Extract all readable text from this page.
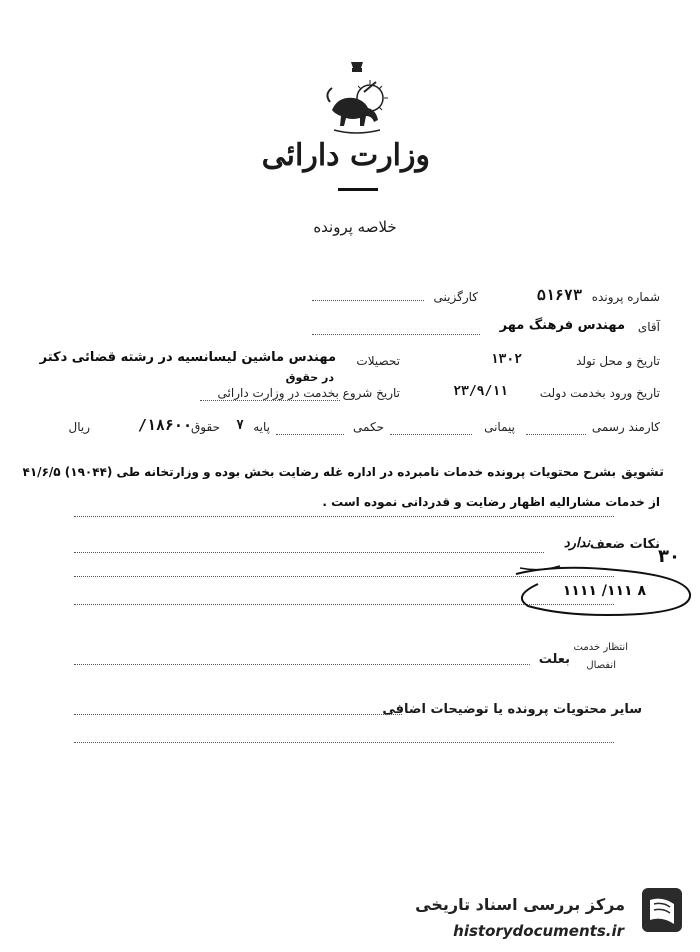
وزارت دارائی
خلاصه پرونده
شماره پرونده
۵۱۶۷۳
کارگزینی
آقای
مهندس فرهنگ مهر
تاریخ و محل تولد
۱۳۰۲
تحصیلات
مهندس ماشین لیسانسیه در رشته قضائی دکتر
در حقوق
تاریخ ورود بخدمت دولت
۲۳/۹/۱۱
تاریخ شروع بخدمت در وزارت دارائی
کارمند رسمی
پیمانی
حکمی
پایه
۷
حقوق
۱۸۶۰۰/
ریال
تشویق
بشرح محتویات پرونده خدمات نامبرده در اداره غله رضایت بخش بوده و وزارتخانه طی (۱۹۰۴۴) ۴۱/۶/۵
از خدمات مشارالیه اظهار رضایت و قدردانی نموده است .
نکات ضعف
ندارد
۳۰
۸ ۱۱۱/ ۱۱۱۱
انتظار خدمت
انفصال
بعلت
سایر محتویات پرونده یا توضیحات اضافی
مرکز بررسی اسناد تاریخی
historydocuments.ir
